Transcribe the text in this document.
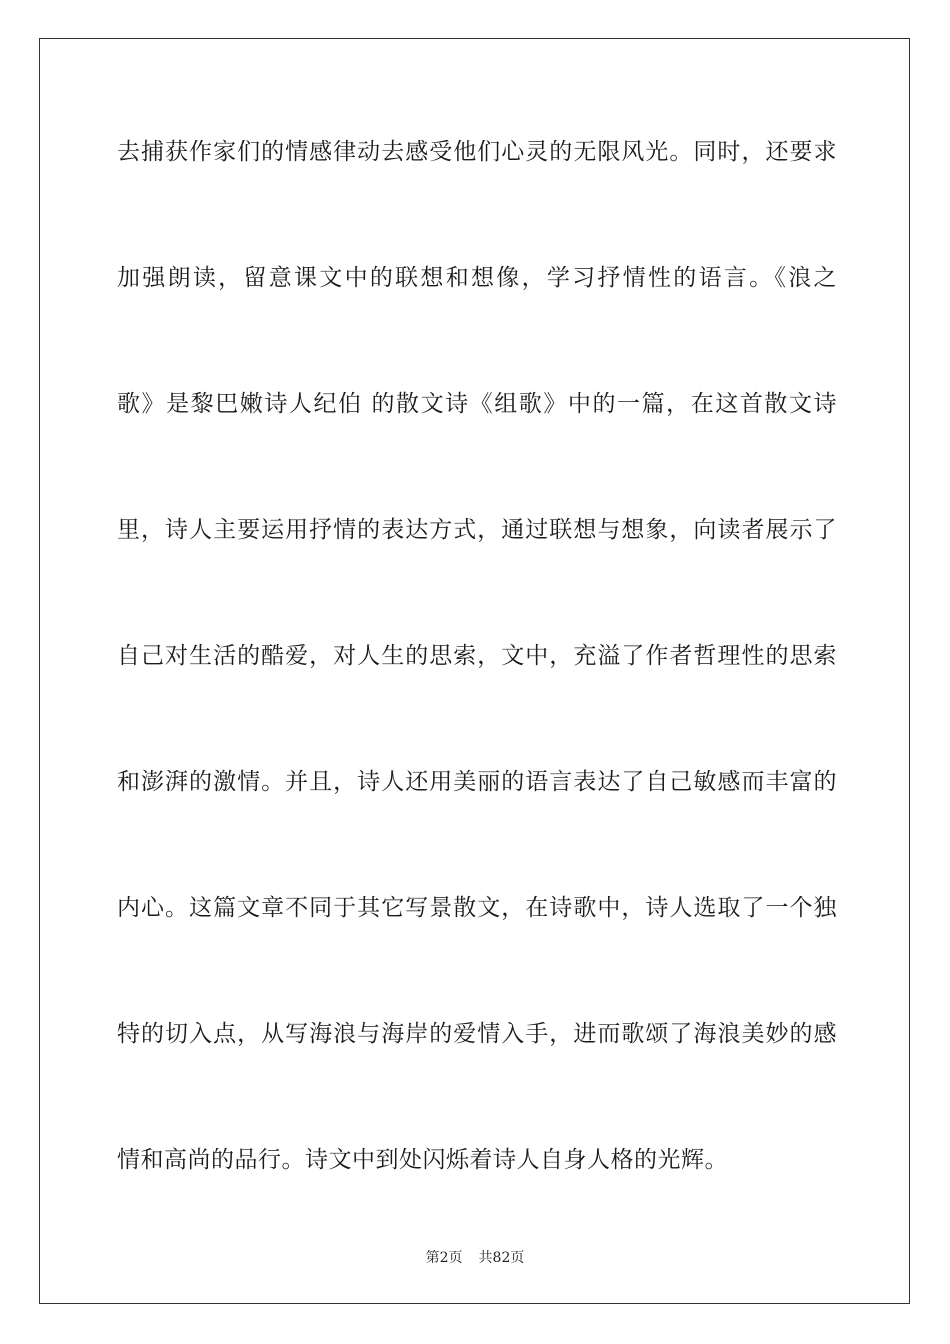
去捕获作家们的情感律动去感受他们心灵的无限风光。同时，还要求
加强朗读，留意课文中的联想和想像，学习抒情性的语言。《浪之
歌》是黎巴嫩诗人纪伯 的散文诗《组歌》中的一篇，在这首散文诗
里，诗人主要运用抒情的表达方式，通过联想与想象，向读者展示了
自己对生活的酷爱，对人生的思索，文中，充溢了作者哲理性的思索
和澎湃的激情。并且，诗人还用美丽的语言表达了自己敏感而丰富的
内心。这篇文章不同于其它写景散文，在诗歌中，诗人选取了一个独
特的切入点，从写海浪与海岸的爱情入手，进而歌颂了海浪美妙的感
情和高尚的品行。诗文中到处闪烁着诗人自身人格的光辉。
第2页 共82页
